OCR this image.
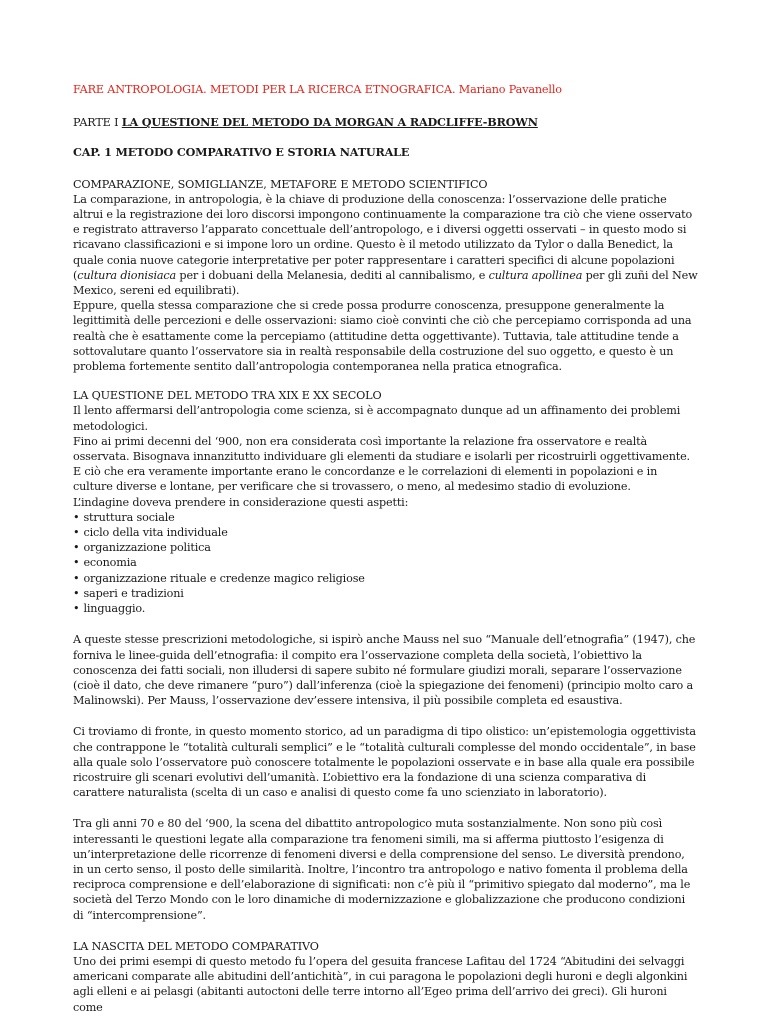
FARE ANTROPOLOGIA. METODI PER LA RICERCA ETNOGRAFICA. Mariano Pavanello

PARTE I LA QUESTIONE DEL METODO DA MORGAN A RADCLIFFE-BROWN

CAP. 1 METODO COMPARATIVO E STORIA NATURALE

COMPARAZIONE, SOMIGLIANZE, METAFORE E METODO SCIENTIFICO

La comparazione, in antropologia, è la chiave di produzione della conoscenza: l’osservazione delle pratiche altrui e la registrazione dei loro discorsi impongono continuamente la comparazione tra ciò che viene osservato e registrato attraverso l’apparato concettuale dell’antropologo, e i diversi oggetti osservati – in questo modo si ricavano classificazioni e si impone loro un ordine. Questo è il metodo utilizzato da Tylor o dalla Benedict, la quale conia nuove categorie interpretative per poter rappresentare i caratteri specifici di alcune popolazioni (cultura dionisiaca per i dobuani della Melanesia, dediti al cannibalismo, e cultura apollinea per gli zuñi del New Mexico, sereni ed equilibrati).

Eppure, quella stessa comparazione che si crede possa produrre conoscenza, presuppone generalmente la legittimità delle percezioni e delle osservazioni: siamo cioè convinti che ciò che percepiamo corrisponda ad una realtà che è esattamente come la percepiamo (attitudine detta oggettivante). Tuttavia, tale attitudine tende a sottovalutare quanto l’osservatore sia in realtà responsabile della costruzione del suo oggetto, e questo è un problema fortemente sentito dall’antropologia contemporanea nella pratica etnografica.

LA QUESTIONE DEL METODO TRA XIX E XX SECOLO

Il lento affermarsi dell’antropologia come scienza, si è accompagnato dunque ad un affinamento dei problemi metodologici.

Fino ai primi decenni del ‘900, non era considerata così importante la relazione fra osservatore e realtà osservata. Bisognava innanzitutto individuare gli elementi da studiare e isolarli per ricostruirli oggettivamente. E ciò che era veramente importante erano le concordanze e le correlazioni di elementi in popolazioni e in culture diverse e lontane, per verificare che si trovassero, o meno, al medesimo stadio di evoluzione.

L’indagine doveva prendere in considerazione questi aspetti:

• struttura sociale
• ciclo della vita individuale
• organizzazione politica
• economia
• organizzazione rituale e credenze magico religiose
• saperi e tradizioni
• linguaggio.

A queste stesse prescrizioni metodologiche, si ispirò anche Mauss nel suo “Manuale dell’etnografia” (1947), che forniva le linee-guida dell’etnografia: il compito era l’osservazione completa della società, l’obiettivo la conoscenza dei fatti sociali, non illudersi di sapere subito né formulare giudizi morali, separare l’osservazione (cioè il dato, che deve rimanere “puro”) dall’inferenza (cioè la spiegazione dei fenomeni) (principio molto caro a Malinowski). Per Mauss, l’osservazione dev’essere intensiva, il più possibile completa ed esaustiva.

Ci troviamo di fronte, in questo momento storico, ad un paradigma di tipo olistico: un’epistemologia oggettivista che contrappone le “totalità culturali semplici” e le “totalità culturali complesse del mondo occidentale”, in base alla quale solo l’osservatore può conoscere totalmente le popolazioni osservate e in base alla quale era possibile ricostruire gli scenari evolutivi dell’umanità. L’obiettivo era la fondazione di una scienza comparativa di carattere naturalista (scelta di un caso e analisi di questo come fa uno scienziato in laboratorio).

Tra gli anni 70 e 80 del ‘900, la scena del dibattito antropologico muta sostanzialmente. Non sono più così interessanti le questioni legate alla comparazione tra fenomeni simili, ma si afferma piuttosto l’esigenza di un’interpretazione delle ricorrenze di fenomeni diversi e della comprensione del senso. Le diversità prendono, in un certo senso, il posto delle similarità. Inoltre, l’incontro tra antropologo e nativo fomenta il problema della reciproca comprensione e dell’elaborazione di significati: non c’è più il “primitivo spiegato dal moderno”, ma le società del Terzo Mondo con le loro dinamiche di modernizzazione e globalizzazione che producono condizioni di “intercomprensione”.

LA NASCITA DEL METODO COMPARATIVO

Uno dei primi esempi di questo metodo fu l’opera del gesuita francese Lafitau del 1724 “Abitudini dei selvaggi americani comparate alle abitudini dell’antichità”, in cui paragona le popolazioni degli huroni e degli algonkini agli elleni e ai pelasgi (abitanti autoctoni delle terre intorno all’Egeo prima dell’arrivo dei greci). Gli huroni come
